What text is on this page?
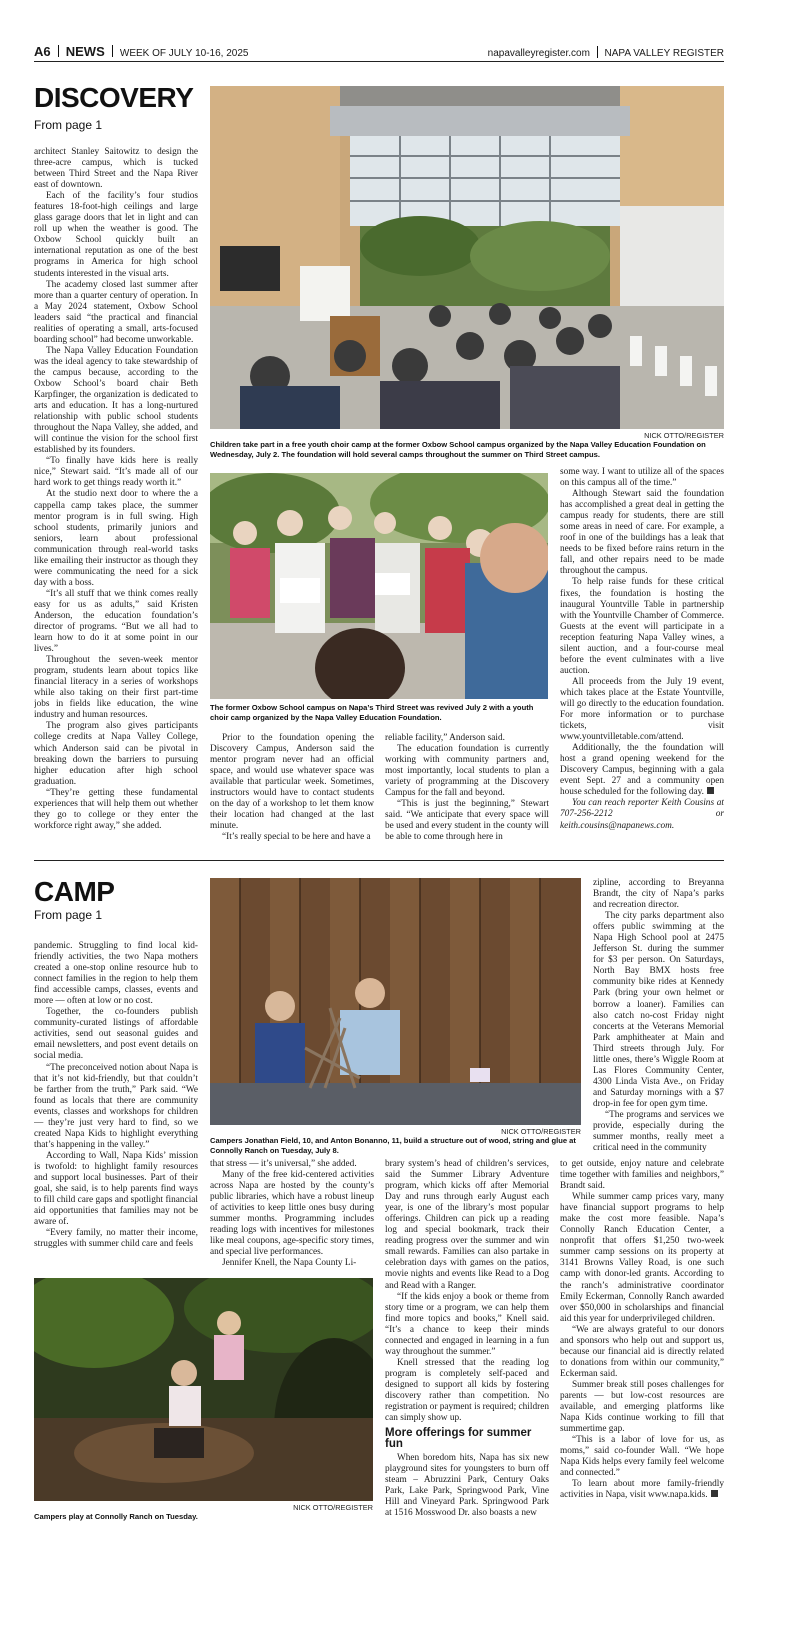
A6 NEWS WEEK OF JULY 10-16, 2025	napavalleyregister.com NAPA VALLEY REGISTER
DISCOVERY
From page 1
NICK OTTO/REGISTER
Children take part in a free youth choir camp at the former Oxbow School campus organized by the Napa Valley Education Foundation on Wednesday, July 2. The foundation will hold several camps throughout the summer on Third Street campus.
The former Oxbow School campus on Napa’s Third Street was revived July 2 with a youth choir camp organized by the Napa Valley Education Foundation.

architect Stanley Saitowitz to design the three-acre campus, which is tucked between Third Street and the Napa River east of downtown.

Each of the facility’s four studios features 18-foot-high ceilings and large glass garage doors that let in light and can roll up when the weather is good. The Oxbow School quickly built an international reputation as one of the best programs in America for high school students interested in the visual arts.

The academy closed last summer after more than a quarter century of operation. In a May 2024 statement, Oxbow School leaders said “the practical and financial realities of operating a small, arts-focused boarding school” had become unworkable.

The Napa Valley Education Foundation was the ideal agency to take stewardship of the campus because, according to the Oxbow School’s board chair Beth Karpfinger, the organization is dedicated to arts and education. It has a long-nurtured relationship with public school students throughout the Napa Valley, she added, and will continue the vision for the school first established by its founders.

“To finally have kids here is really nice,” Stewart said. “It’s made all of our hard work to get things ready worth it.”

At the studio next door to where the a cappella camp takes place, the summer mentor program is in full swing. High school students, primarily juniors and seniors, learn about professional communication through real-world tasks like emailing their instructor as though they were communicating the need for a sick day with a boss.

“It’s all stuff that we think comes really easy for us as adults,” said Kristen Anderson, the education foundation’s director of programs. “But we all had to learn how to do it at some point in our lives.”

Throughout the seven-week mentor program, students learn about topics like financial literacy in a series of workshops while also taking on their first part-time jobs in fields like education, the wine industry and human resources.

The program also gives participants college credits at Napa Valley College, which Anderson said can be pivotal in breaking down the barriers to pursuing higher education after high school graduation.

“They’re getting these fundamental experiences that will help them out whether they go to college or they enter the workforce right away,” she added.

Prior to the foundation opening the Discovery Campus, Anderson said the mentor program never had an official space, and would use whatever space was available that particular week. Sometimes, instructors would have to contact students on the day of a workshop to let them know their location had changed at the last minute.

“It’s really special to be here and have a

reliable facility,” Anderson said.

The education foundation is currently working with community partners and, most importantly, local students to plan a variety of programming at the Discovery Campus for the fall and beyond.

“This is just the beginning,” Stewart said. “We anticipate that every space will be used and every student in the county will be able to come through here in

some way. I want to utilize all of the spaces on this campus all of the time.”

Although Stewart said the foundation has accomplished a great deal in getting the campus ready for students, there are still some areas in need of care. For example, a roof in one of the buildings has a leak that needs to be fixed before rains return in the fall, and other repairs need to be made throughout the campus.

To help raise funds for these critical fixes, the foundation is hosting the inaugural Yountville Table in partnership with the Yountville Chamber of Commerce. Guests at the event will participate in a reception featuring Napa Valley wines, a silent auction, and a four-course meal before the event culminates with a live auction.

All proceeds from the July 19 event, which takes place at the Estate Yountville, will go directly to the education foundation. For more information or to purchase tickets, visit www.yountvilletable.com/attend.

Additionally, the the foundation will host a grand opening weekend for the Discovery Campus, beginning with a gala event Sept. 27 and a community open house scheduled for the following day.

You can reach reporter Keith Cousins at 707-256-2212 or keith.cousins@napanews.com.

CAMP
From page 1
NICK OTTO/REGISTER
Campers Jonathan Field, 10, and Anton Bonanno, 11, build a structure out of wood, string and glue at Connolly Ranch on Tuesday, July 8.
NICK OTTO/REGISTER
Campers play at Connolly Ranch on Tuesday.

pandemic. Struggling to find local kid-friendly activities, the two Napa mothers created a one-stop online resource hub to connect families in the region to help them find accessible camps, classes, events and more — often at low or no cost.

Together, the co-founders publish community-curated listings of affordable activities, send out seasonal guides and email newsletters, and post event details on social media.

“The preconceived notion about Napa is that it’s not kid-friendly, but that couldn’t be farther from the truth,” Park said. “We found as locals that there are community events, classes and workshops for children — they’re just very hard to find, so we created Napa Kids to highlight everything that’s happening in the valley.”

According to Wall, Napa Kids’ mission is twofold: to highlight family resources and support local businesses. Part of their goal, she said, is to help parents find ways to fill child care gaps and spotlight financial aid opportunities that families may not be aware of.

“Every family, no matter their income, struggles with summer child care and feels

that stress — it’s universal,” she added.

Many of the free kid-centered activities across Napa are hosted by the county’s public libraries, which have a robust lineup of activities to keep little ones busy during summer months. Programming includes reading logs with incentives for milestones like meal coupons, age-specific story times, and special live performances.

Jennifer Knell, the Napa County Li-

brary system’s head of children’s services, said the Summer Library Adventure program, which kicks off after Memorial Day and runs through early August each year, is one of the library’s most popular offerings. Children can pick up a reading log and special bookmark, track their reading progress over the summer and win small rewards. Families can also partake in celebration days with games on the patios, movie nights and events like Read to a Dog and Read with a Ranger.

“If the kids enjoy a book or theme from story time or a program, we can help them find more topics and books,” Knell said. “It’s a chance to keep their minds connected and engaged in learning in a fun way throughout the summer.”

Knell stressed that the reading log program is completely self-paced and designed to support all kids by fostering discovery rather than competition. No registration or payment is required; children can simply show up.

More offerings for summer fun

When boredom hits, Napa has six new playground sites for youngsters to burn off steam – Abruzzini Park, Century Oaks Park, Lake Park, Springwood Park, Vine Hill and Vineyard Park. Springwood Park at 1516 Mosswood Dr. also boasts a new

zipline, according to Breyanna Brandt, the city of Napa’s parks and recreation director.

The city parks department also offers public swimming at the Napa High School pool at 2475 Jefferson St. during the summer for $3 per person. On Saturdays, North Bay BMX hosts free community bike rides at Kennedy Park (bring your own helmet or borrow a loaner). Families can also catch no-cost Friday night concerts at the Veterans Memorial Park amphitheater at Main and Third streets through July. For little ones, there’s Wiggle Room at Las Flores Community Center, 4300 Linda Vista Ave., on Friday and Saturday mornings with a $7 drop-in fee for open gym time.

“The programs and services we provide, especially during the summer months, really meet a critical need in the community

to get outside, enjoy nature and celebrate time together with families and neighbors,” Brandt said.

While summer camp prices vary, many have financial support programs to help make the cost more feasible. Napa’s Connolly Ranch Education Center, a nonprofit that offers $1,250 two-week summer camp sessions on its property at 3141 Browns Valley Road, is one such camp with donor-led grants. According to the ranch’s administrative coordinator Emily Eckerman, Connolly Ranch awarded over $50,000 in scholarships and financial aid this year for underprivileged children.

“We are always grateful to our donors and sponsors who help out and support us, because our financial aid is directly related to donations from within our community,” Eckerman said.

Summer break still poses challenges for parents — but low-cost resources are available, and emerging platforms like Napa Kids continue working to fill that summertime gap.

“This is a labor of love for us, as moms,” said co-founder Wall. “We hope Napa Kids helps every family feel welcome and connected.”

To learn about more family-friendly activities in Napa, visit www.napa.kids.
